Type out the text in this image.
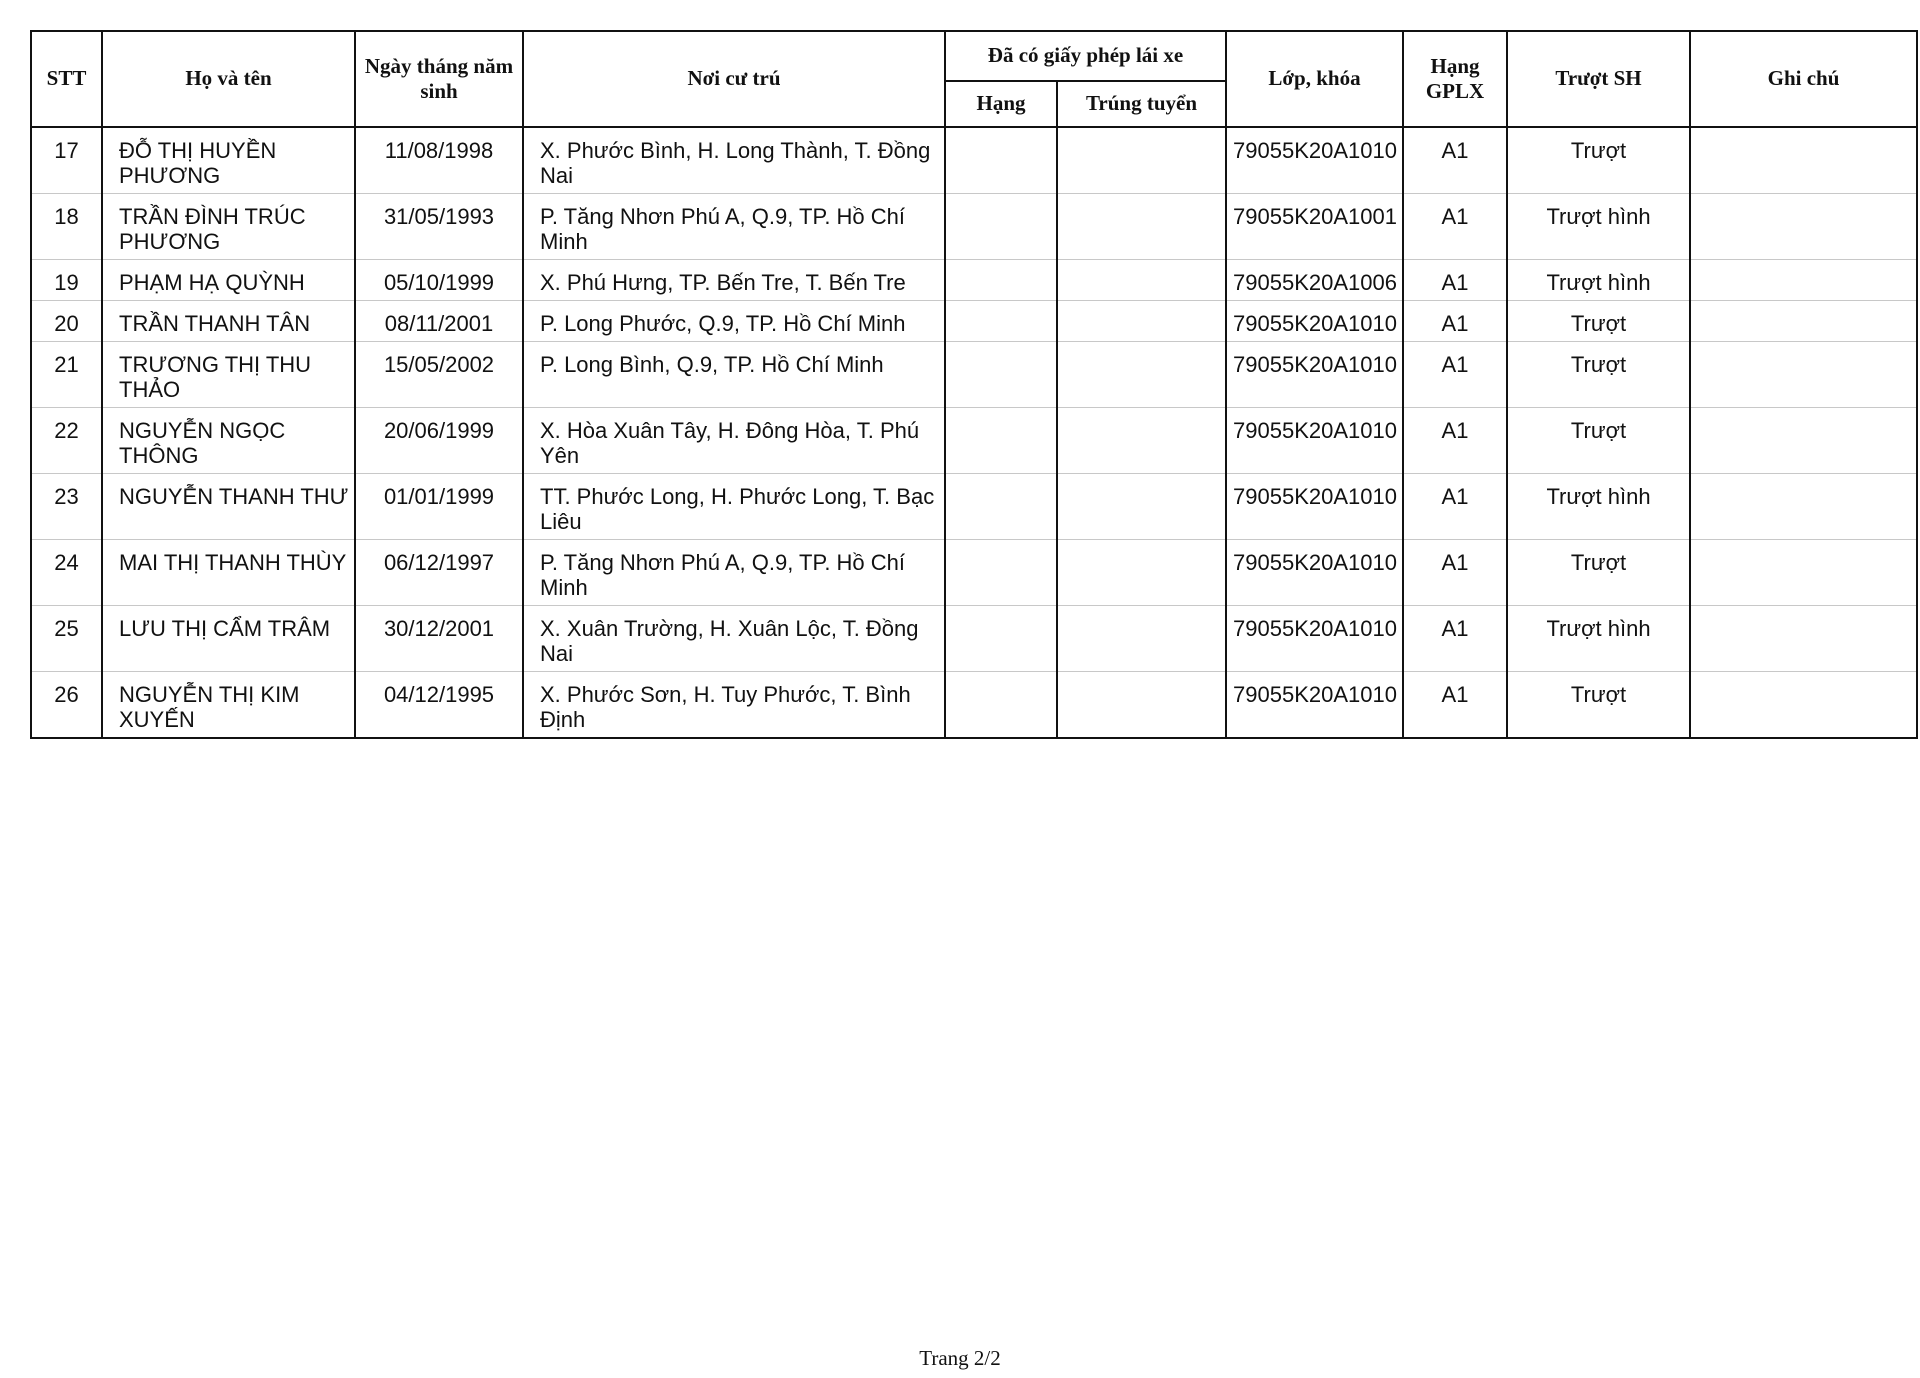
STT	Họ và tên	Ngày tháng năm sinh	Nơi cư trú	Đã có giấy phép lái xe		Lớp, khóa	Hạng GPLX	Trượt SH	Ghi chú
				Hạng	Trúng tuyển				
17	ĐỖ THỊ HUYỀN PHƯƠNG	11/08/1998	X. Phước Bình, H. Long Thành, T. Đồng Nai			79055K20A1010	A1	Trượt	
18	TRẦN ĐÌNH TRÚC PHƯƠNG	31/05/1993	P. Tăng Nhơn Phú A, Q.9, TP. Hồ Chí Minh			79055K20A1001	A1	Trượt hình	
19	PHẠM HẠ QUỲNH	05/10/1999	X. Phú Hưng, TP. Bến Tre, T. Bến Tre			79055K20A1006	A1	Trượt hình	
20	TRẦN THANH TÂN	08/11/2001	P. Long Phước, Q.9, TP. Hồ Chí Minh			79055K20A1010	A1	Trượt	
21	TRƯƠNG THỊ THU THẢO	15/05/2002	P. Long Bình, Q.9, TP. Hồ Chí Minh			79055K20A1010	A1	Trượt	
22	NGUYỄN NGỌC THÔNG	20/06/1999	X. Hòa Xuân Tây, H. Đông Hòa, T. Phú Yên			79055K20A1010	A1	Trượt	
23	NGUYỄN THANH THƯ	01/01/1999	TT. Phước Long, H. Phước Long, T. Bạc Liêu			79055K20A1010	A1	Trượt hình	
24	MAI THỊ THANH THÙY	06/12/1997	P. Tăng Nhơn Phú A, Q.9, TP. Hồ Chí Minh			79055K20A1010	A1	Trượt	
25	LƯU THỊ CẨM TRÂM	30/12/2001	X. Xuân Trường, H. Xuân Lộc, T. Đồng Nai			79055K20A1010	A1	Trượt hình	
26	NGUYỄN THỊ KIM XUYẾN	04/12/1995	X. Phước Sơn, H. Tuy Phước, T. Bình Định			79055K20A1010	A1	Trượt	
Trang 2/2
